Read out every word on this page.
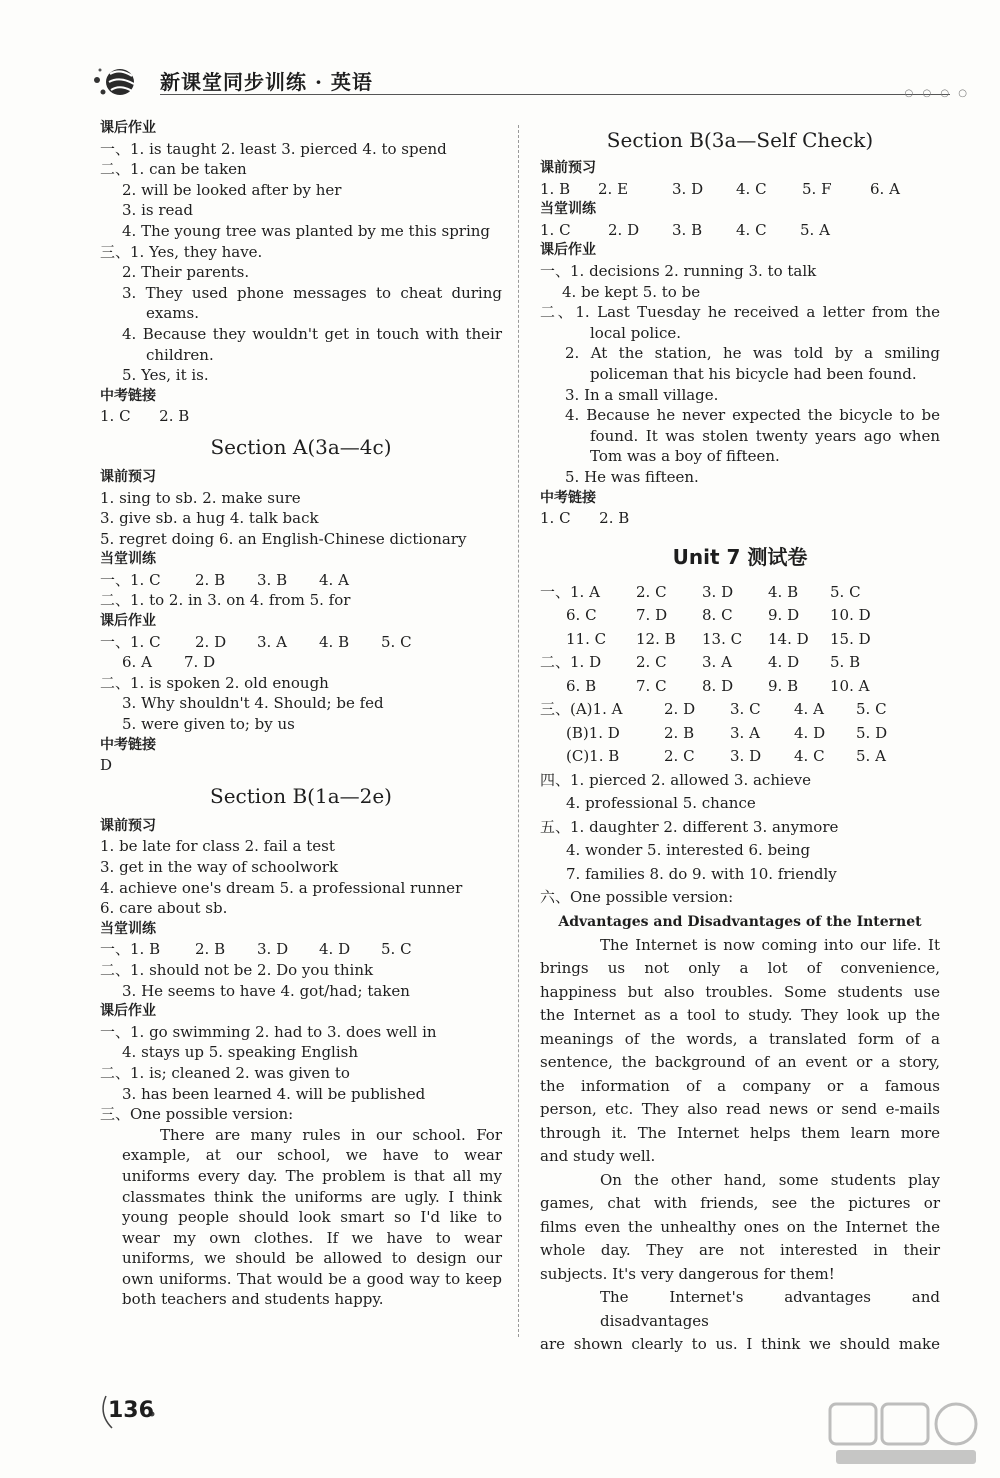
新课堂同步训练 · 英语	○ ○ ○ ○
课后作业
一、1. is taught 2. least 3. pierced 4. to spend
二、1. can be taken
2. will be looked after by her
3. is read
4. The young tree was planted by me this spring
三、1. Yes, they have.
2. Their parents.
3. They used phone messages to cheat during
exams.
4. Because they wouldn't get in touch with their
children.
5. Yes, it is.
中考链接
1. C      2. B
Section A(3a—4c)
课前预习
1. sing to sb. 2. make sure
3. give sb. a hug 4. talk back
5. regret doing 6. an English-Chinese dictionary
当堂训练
一、1. C	2. B	3. B	4. A
二、1. to 2. in 3. on 4. from 5. for
课后作业
一、1. C	2. D	3. A	4. B	5. C
6. A	7. D
二、1. is spoken 2. old enough
3. Why shouldn't 4. Should; be fed
5. were given to; by us
中考链接
D
Section B(1a—2e)
课前预习
1. be late for class 2. fail a test
3. get in the way of schoolwork
4. achieve one's dream 5. a professional runner
6. care about sb.
当堂训练
一、1. B	2. B	3. D	4. D	5. C
二、1. should not be 2. Do you think
3. He seems to have 4. got/had; taken
课后作业
一、1. go swimming 2. had to 3. does well in
4. stays up 5. speaking English
二、1. is; cleaned 2. was given to
3. has been learned 4. will be published
三、One possible version:
There are many rules in our school. For
example, at our school, we have to wear
uniforms every day. The problem is that all my
classmates think the uniforms are ugly. I think
young people should look smart so I'd like to
wear my own clothes. If we have to wear
uniforms, we should be allowed to design our
own uniforms. That would be a good way to keep
both teachers and students happy.
Section B(3a—Self Check)
课前预习
1. B	2. E	3. D	4. C	5. F	6. A
当堂训练
1. C	2. D	3. B	4. C	5. A
课后作业
一、1. decisions 2. running 3. to talk
4. be kept 5. to be
二、1. Last Tuesday he received a letter from the
local police.
2. At the station, he was told by a smiling
policeman that his bicycle had been found.
3. In a small village.
4. Because he never expected the bicycle to be
found. It was stolen twenty years ago when
Tom was a boy of fifteen.
5. He was fifteen.
中考链接
1. C      2. B
Unit 7 测试卷
一、1. A	2. C	3. D	4. B	5. C
6. C	7. D	8. C	9. D	10. D
11. C	12. B	13. C	14. D	15. D
二、1. D	2. C	3. A	4. D	5. B
6. B	7. C	8. D	9. B	10. A
三、(A)1. A	2. D	3. C	4. A	5. C
(B)1. D	2. B	3. A	4. D	5. D
(C)1. B	2. C	3. D	4. C	5. A
四、1. pierced 2. allowed 3. achieve
4. professional 5. chance
五、1. daughter 2. different 3. anymore
4. wonder 5. interested 6. being
7. families 8. do 9. with 10. friendly
六、One possible version:
Advantages and Disadvantages of the Internet
The Internet is now coming into our life. It
brings us not only a lot of convenience,
happiness but also troubles. Some students use
the Internet as a tool to study. They look up the
meanings of the words, a translated form of a
sentence, the background of an event or a story,
the information of a company or a famous
person, etc. They also read news or send e-mails
through it. The Internet helps them learn more
and study well.
On the other hand, some students play
games, chat with friends, see the pictures or
films even the unhealthy ones on the Internet the
whole day. They are not interested in their
subjects. It's very dangerous for them!
The Internet's advantages and disadvantages
are shown clearly to us. I think we should make
136
